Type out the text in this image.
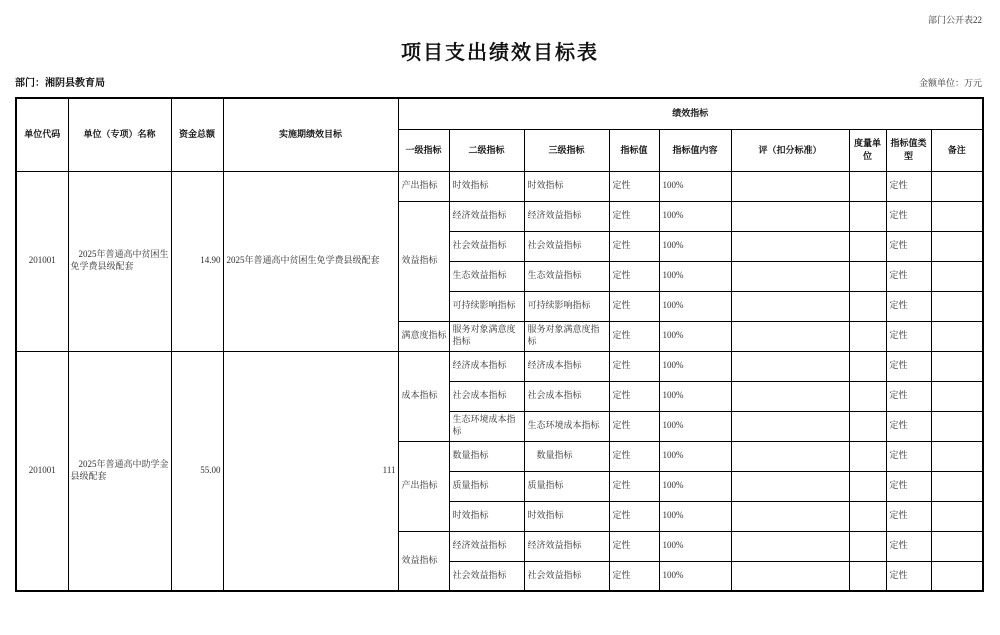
部门公开表22
项目支出绩效目标表
部门：湘阴县教育局	金额单位：万元
单位代码	单位（专项）名称	资金总额	实施期绩效目标	绩效指标								
				一级指标	二级指标	三级指标	指标值	指标值内容	评（扣分标准）	度量单位	指标值类型	备注
201001	2025年普通高中贫困生免学费县级配套	14.90	2025年普通高中贫困生免学费县级配套	产出指标	时效指标	时效指标	定性	100%			定性	
				效益指标	经济效益指标	经济效益指标	定性	100%			定性	
					社会效益指标	社会效益指标	定性	100%			定性	
					生态效益指标	生态效益指标	定性	100%			定性	
					可持续影响指标	可持续影响指标	定性	100%			定性	
				满意度指标	服务对象满意度指标	服务对象满意度指标	定性	100%			定性	
201001	2025年普通高中助学金县级配套	55.00	111	成本指标	经济成本指标	经济成本指标	定性	100%			定性	
					社会成本指标	社会成本指标	定性	100%			定性	
					生态环境成本指标	生态环境成本指标	定性	100%			定性	
				产出指标	数量指标	　数量指标	定性	100%			定性	
					质量指标	质量指标	定性	100%			定性	
					时效指标	时效指标	定性	100%			定性	
				效益指标	经济效益指标	经济效益指标	定性	100%			定性	
					社会效益指标	社会效益指标	定性	100%			定性	
